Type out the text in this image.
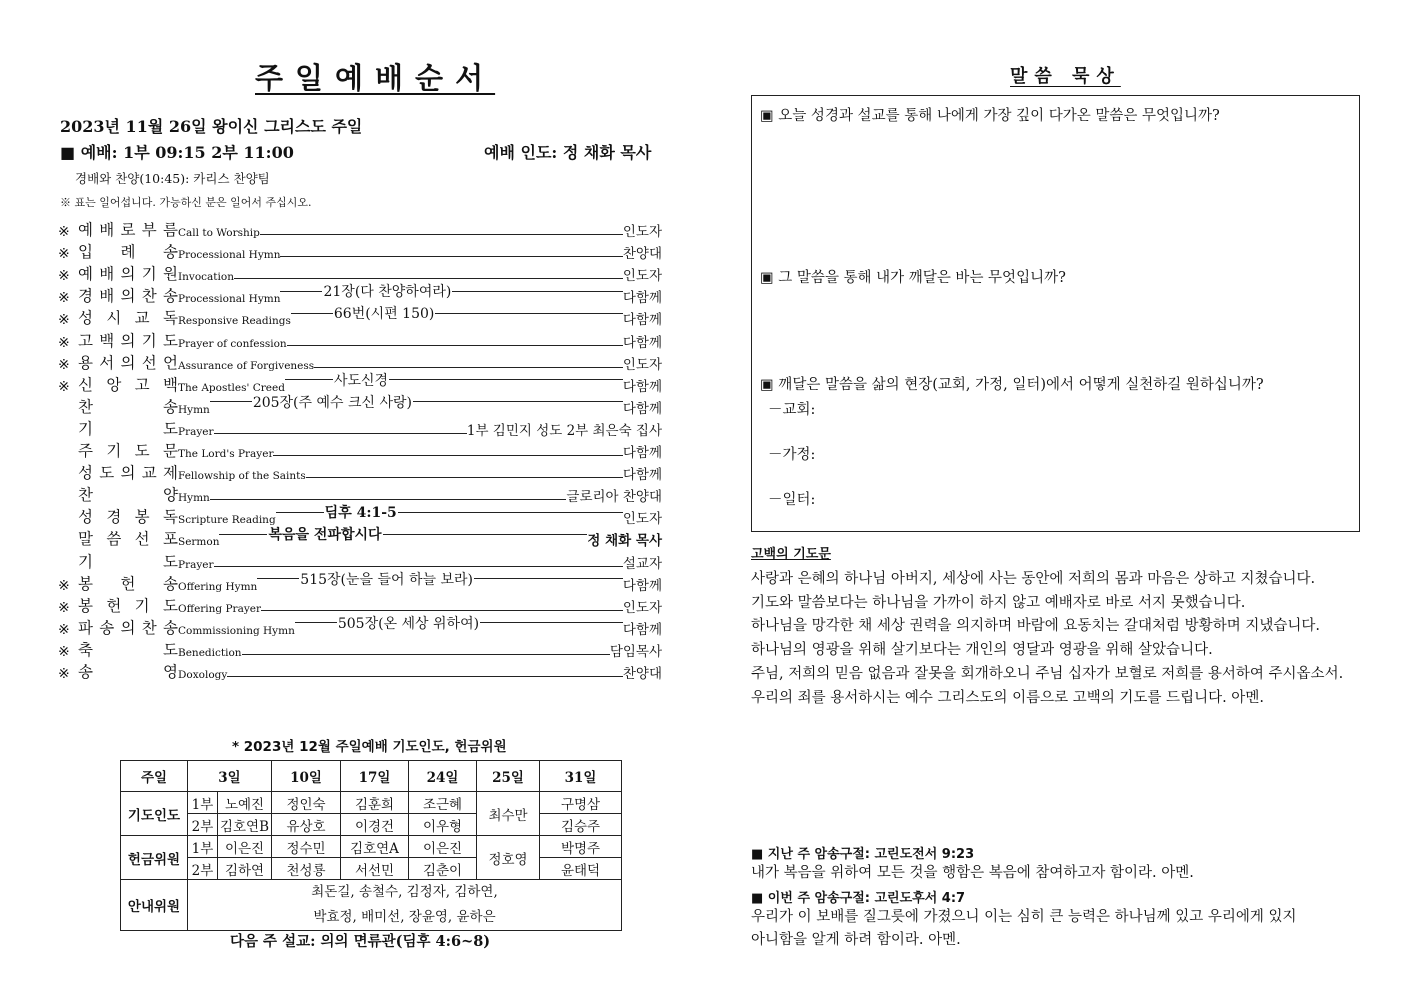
주일예배순서
2023년 11월 26일 왕이신 그리스도 주일
■ 예배: 1부 09:15 2부 11:00	예배 인도: 정 채화 목사
경배와 찬양(10:45): 카리스 찬양팀
※ 표는 일어섭니다. 가능하신 분은 일어서 주십시오.
※ 예 배 로 부 름 Call to Worship	인도자
※ 입 례 송 Processional Hymn	찬양대
※ 예 배 의 기 원 Invocation	인도자
※ 경 배 의 찬 송 Processional Hymn	21장(다 찬양하여라)	다함께
※ 성 시 교 독 Responsive Readings	66번(시편 150)	다함께
※ 고 백 의 기 도 Prayer of confession	다함께
※ 용 서 의 선 언 Assurance of Forgiveness	인도자
※ 신 앙 고 백 The Apostles' Creed	사도신경	다함께
찬	송 Hymn	205장(주 예수 크신 사랑)	다함께
기	도 Prayer	1부 김민지 성도 2부 최은숙 집사
주 기 도 문 The Lord's Prayer	다함께
성 도 의 교 제 Fellowship of the Saints	다함께
찬	양 Hymn	글로리아 찬양대
성 경 봉 독 Scripture Reading	딤후 4:1-5	인도자
말 씀 선 포 Sermon	복음을 전파합시다	정 채화 목사
기	도 Prayer	설교자
※ 봉 헌 송 Offering Hymn	515장(눈을 들어 하늘 보라)	다함께
※ 봉 헌 기 도 Offering Prayer	인도자
※ 파 송 의 찬 송 Commissioning Hymn	505장(온 세상 위하여)	다함께
※ 축	도 Benediction	담임목사
※ 송	영 Doxology	찬양대
* 2023년 12월 주일예배 기도인도, 헌금위원
주일	3일		10일	17일	24일	25일	31일
기도인도	1부	노예진	정인숙	김훈희	조근혜	최수만	구명삼
	2부	김호연B	유상호	이경건	이우형		김승주
헌금위원	1부	이은진	정수민	김호연A	이은진	정호영	박명주
	2부	김하연	천성룡	서선민	김춘이		윤태덕
안내위원	최돈길, 송철수, 김정자, 김하연,
박효정, 배미선, 장윤영, 윤하은						
다음 주 설교: 의의 면류관(딤후 4:6~8)
말씀 묵상
▣ 오늘 성경과 설교를 통해 나에게 가장 깊이 다가온 말씀은 무엇입니까?
▣ 그 말씀을 통해 내가 깨달은 바는 무엇입니까?
▣ 깨달은 말씀을 삶의 현장(교회, 가정, 일터)에서 어떻게 실천하길 원하십니까?
－교회:
－가정:
－일터:
고백의 기도문
사랑과 은혜의 하나님 아버지, 세상에 사는 동안에 저희의 몸과 마음은 상하고 지쳤습니다.
기도와 말씀보다는 하나님을 가까이 하지 않고 예배자로 바로 서지 못했습니다.
하나님을 망각한 채 세상 권력을 의지하며 바람에 요동치는 갈대처럼 방황하며 지냈습니다.
하나님의 영광을 위해 살기보다는 개인의 영달과 영광을 위해 살았습니다.
주님, 저희의 믿음 없음과 잘못을 회개하오니 주님 십자가 보혈로 저희를 용서하여 주시옵소서.
우리의 죄를 용서하시는 예수 그리스도의 이름으로 고백의 기도를 드립니다. 아멘.
■ 지난 주 암송구절: 고린도전서 9:23
내가 복음을 위하여 모든 것을 행함은 복음에 참여하고자 함이라. 아멘.
■ 이번 주 암송구절: 고린도후서 4:7
우리가 이 보배를 질그릇에 가졌으니 이는 심히 큰 능력은 하나님께 있고 우리에게 있지
아니함을 알게 하려 함이라. 아멘.
